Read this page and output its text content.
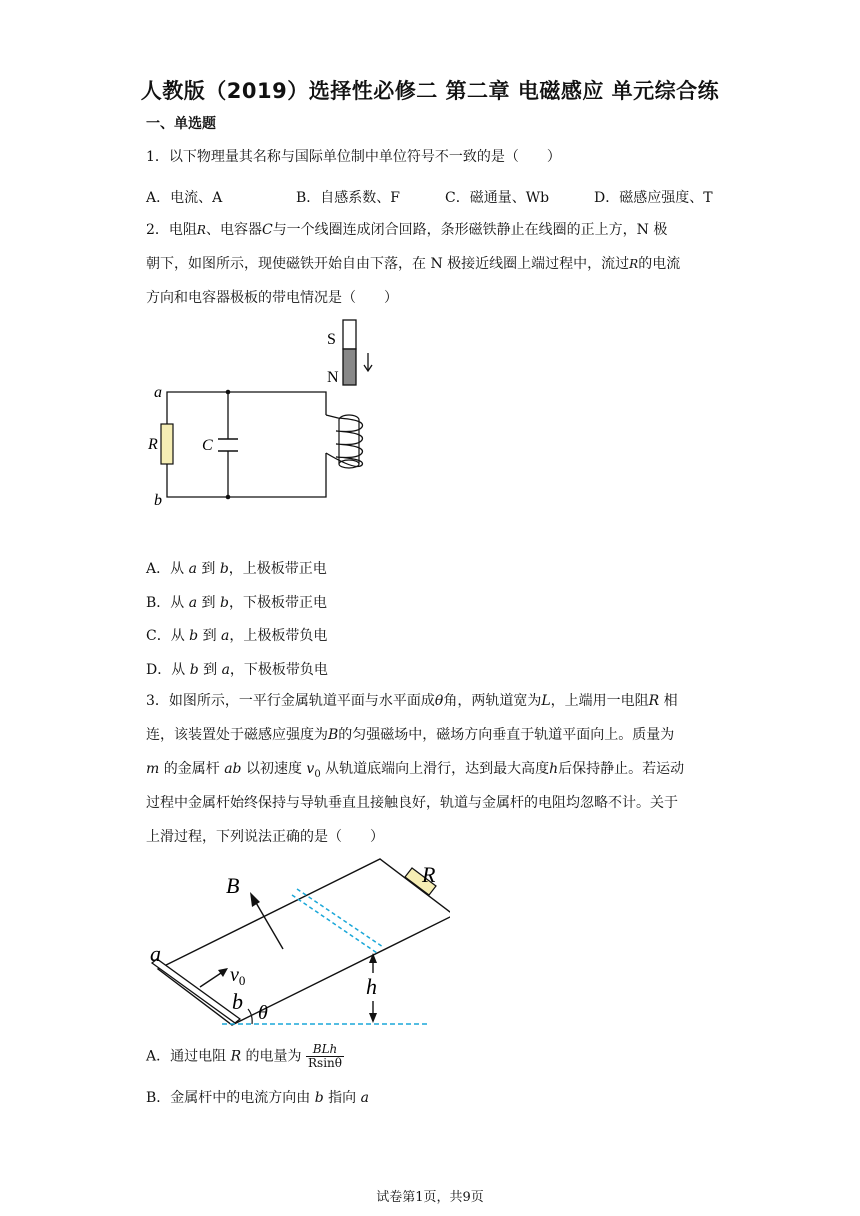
人教版（2019）选择性必修二 第二章 电磁感应 单元综合练
一、单选题
1．以下物理量其名称与国际单位制中单位符号不一致的是（　　）
A．电流、A	B．自感系数、F	C．磁通量、Wb	D．磁感应强度、T
2．电阻R、电容器C与一个线圈连成闭合回路，条形磁铁静止在线圈的正上方，N 极
朝下，如图所示，现使磁铁开始自由下落，在 N 极接近线圈上端过程中，流过R的电流
方向和电容器极板的带电情况是（　　）
S
N
R	C
a
b
A．从 a 到 b，上极板带正电
B．从 a 到 b，下极板带正电
C．从 b 到 a，上极板带负电
D．从 b 到 a，下极板带负电
3．如图所示，一平行金属轨道平面与水平面成θ角，两轨道宽为L，上端用一电阻R 相
连，该装置处于磁感应强度为B的匀强磁场中，磁场方向垂直于轨道平面向上。质量为
m 的金属杆 ab 以初速度 $v_0$ 从轨道底端向上滑行，达到最大高度h后保持静止。若运动
过程中金属杆始终保持与导轨垂直且接触良好，轨道与金属杆的电阻均忽略不计。关于
上滑过程，下列说法正确的是（　　）
R
B
$v_0$
a
b θ
h
A．通过电阻 R 的电量为 $\frac{\text{BLh}}{Rsin\theta}$
B．金属杆中的电流方向由 b 指向 a
试卷第1页，共9页
